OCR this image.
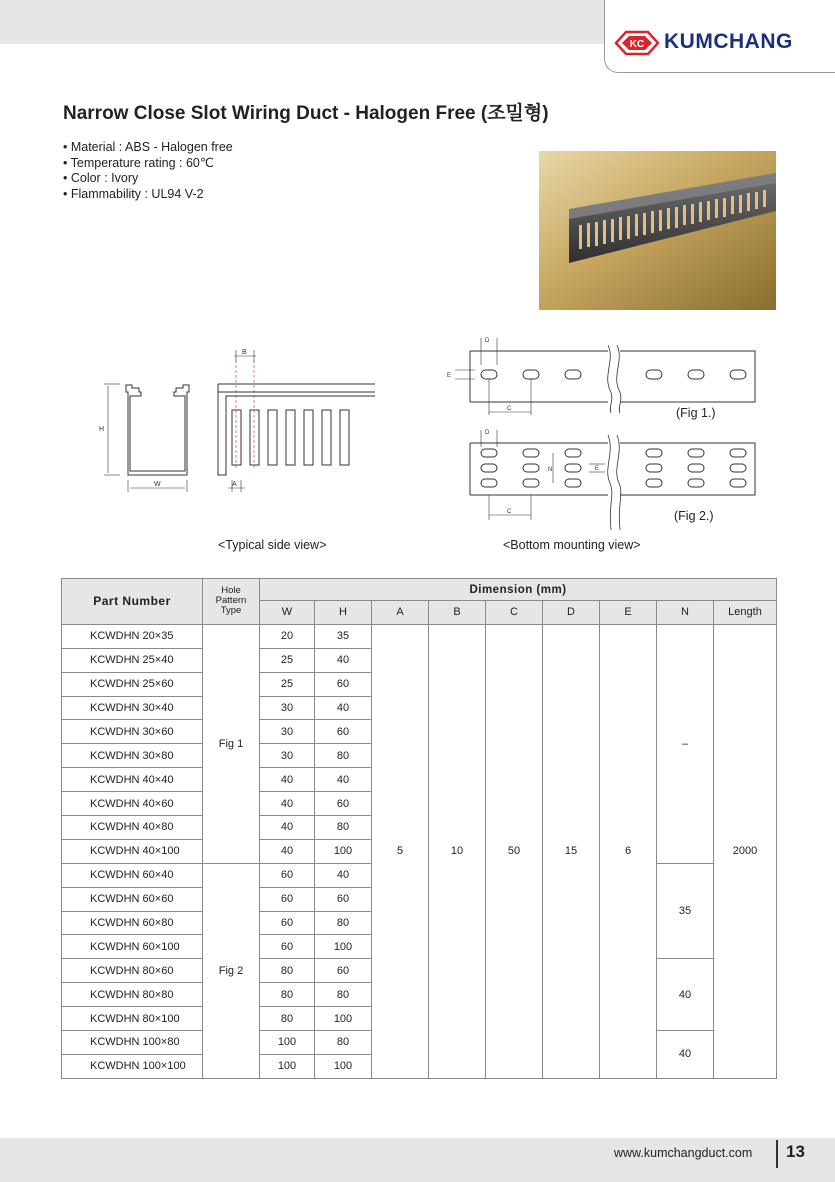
KC KUMCHANG
Narrow Close Slot Wiring Duct - Halogen Free (조밀형)
• Material : ABS - Halogen free
• Temperature rating : 60℃
• Color : Ivory
• Flammability : UL94 V-2
H
W	A
B
D
E
C
D
N	E
C
(Fig 1.)
(Fig 2.)
<Typical side view>	<Bottom mounting view>
Part Number	Hole
Pattern
Type	Dimension (mm)								
		W	H	A	B	C	D	E	N	Length
KCWDHN 20×35	Fig 1	20	35	5	10	50	15	6	–	2000
KCWDHN 25×40		25	40							
KCWDHN 25×60		25	60							
KCWDHN 30×40		30	40							
KCWDHN 30×60		30	60							
KCWDHN 30×80		30	80							
KCWDHN 40×40		40	40							
KCWDHN 40×60		40	60							
KCWDHN 40×80		40	80							
KCWDHN 40×100		40	100							
KCWDHN 60×40	Fig 2	60	40						35	
KCWDHN 60×60		60	60							
KCWDHN 60×80		60	80							
KCWDHN 60×100		60	100							
KCWDHN 80×60		80	60						40	
KCWDHN 80×80		80	80							
KCWDHN 80×100		80	100							
KCWDHN 100×80		100	80						40	
KCWDHN 100×100		100	100							
www.kumchangduct.com 13
